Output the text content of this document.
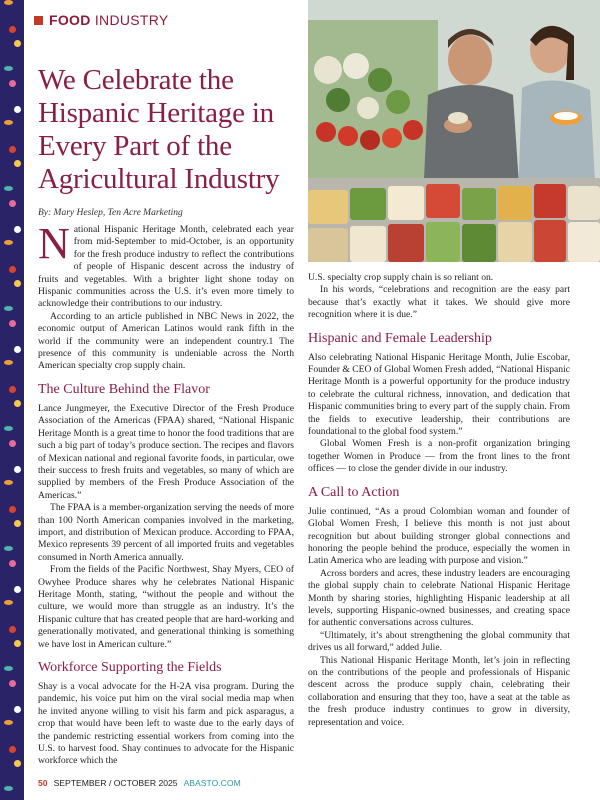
FOOD INDUSTRY
We Celebrate the Hispanic Heritage in Every Part of the Agricultural Industry
By: Mary Heslep, Ten Acre Marketing

National Hispanic Heritage Month, celebrated each year from mid-September to mid-October, is an opportunity for the fresh produce industry to reflect the contributions of people of Hispanic descent across the industry of fruits and vegetables. With a brighter light shone today on Hispanic communities across the U.S. it’s even more timely to acknowledge their contributions to our industry.

According to an article published in NBC News in 2022, the economic output of American Latinos would rank fifth in the world if the community were an independent country.1 The presence of this community is undeniable across the North American specialty crop supply chain.

The Culture Behind the Flavor

Lance Jungmeyer, the Executive Director of the Fresh Produce Association of the Americas (FPAA) shared, “National Hispanic Heritage Month is a great time to honor the food traditions that are such a big part of today’s produce section. The recipes and flavors of Mexican national and regional favorite foods, in particular, owe their success to fresh fruits and vegetables, so many of which are supplied by members of the Fresh Produce Association of the Americas.”

The FPAA is a member-organization serving the needs of more than 100 North American companies involved in the marketing, import, and distribution of Mexican produce. According to FPAA, Mexico represents 39 percent of all imported fruits and vegetables consumed in North America annually.

From the fields of the Pacific Northwest, Shay Myers, CEO of Owyhee Produce shares why he celebrates National Hispanic Heritage Month, stating, “without the people and without the culture, we would more than struggle as an industry. It’s the Hispanic culture that has created people that are hard-working and generationally motivated, and generational thinking is something we have lost in American culture.”

Workforce Supporting the Fields

Shay is a vocal advocate for the H-2A visa program. During the pandemic, his voice put him on the viral social media map when he invited anyone willing to visit his farm and pick asparagus, a crop that would have been left to waste due to the early days of the pandemic restricting essential workers from coming into the U.S. to harvest food. Shay continues to advocate for the Hispanic workforce which the

U.S. specialty crop supply chain is so reliant on.

In his words, “celebrations and recognition are the easy part because that’s exactly what it takes. We should give more recognition where it is due.”

Hispanic and Female Leadership

Also celebrating National Hispanic Heritage Month, Julie Escobar, Founder & CEO of Global Women Fresh added, “National Hispanic Heritage Month is a powerful opportunity for the produce industry to celebrate the cultural richness, innovation, and dedication that Hispanic communities bring to every part of the supply chain. From the fields to executive leadership, their contributions are foundational to the global food system.”

Global Women Fresh is a non-profit organization bringing together Women in Produce — from the front lines to the front offices — to close the gender divide in our industry.

A Call to Action

Julie continued, “As a proud Colombian woman and founder of Global Women Fresh, I believe this month is not just about recognition but about building stronger global connections and honoring the people behind the produce, especially the women in Latin America who are leading with purpose and vision.”

Across borders and acres, these industry leaders are encouraging the global supply chain to celebrate National Hispanic Heritage Month by sharing stories, highlighting Hispanic leadership at all levels, supporting Hispanic-owned businesses, and creating space for authentic conversations across cultures.

“Ultimately, it’s about strengthening the global community that drives us all forward,” added Julie.

This National Hispanic Heritage Month, let’s join in reflecting on the contributions of the people and professionals of Hispanic descent across the produce supply chain, celebrating their collaboration and ensuring that they too, have a seat at the table as the fresh produce industry continues to grow in diversity, representation and voice.

50 SEPTEMBER / OCTOBER 2025 ABASTO.COM
